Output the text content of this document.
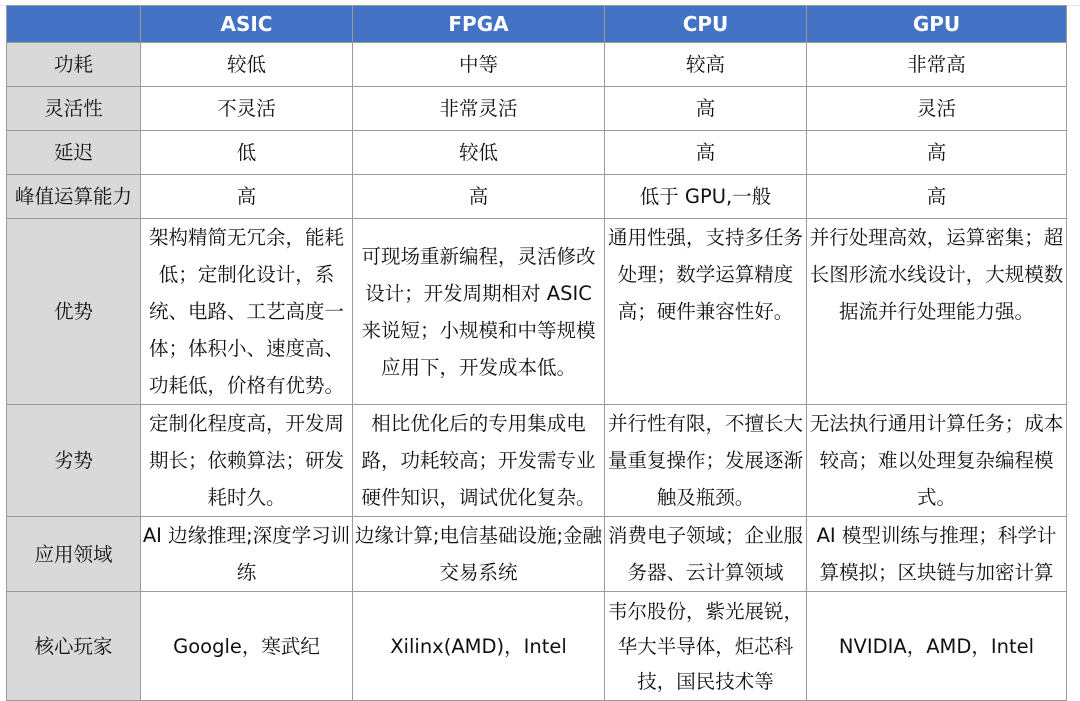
	ASIC	FPGA	CPU	GPU
功耗	较低	中等	较高	非常高
灵活性	不灵活	非常灵活	高	灵活
延迟	低	较低	高	高
峰值运算能力	高	高	低于 GPU,一般	高
优势	架构精简无冗余，能耗低；定制化设计，系统、电路、工艺高度一体；体积小、速度高、功耗低，价格有优势。	可现场重新编程，灵活修改设计；开发周期相对 ASIC 来说短；小规模和中等规模应用下，开发成本低。	通用性强，支持多任务处理；数学运算精度高；硬件兼容性好。	并行处理高效，运算密集；超长图形流水线设计，大规模数据流并行处理能力强。
劣势	定制化程度高，开发周期长；依赖算法；研发耗时久。	相比优化后的专用集成电路，功耗较高；开发需专业硬件知识，调试优化复杂。	并行性有限，不擅长大量重复操作；发展逐渐触及瓶颈。	无法执行通用计算任务；成本较高；难以处理复杂编程模式。
应用领域	AI 边缘推理;深度学习训练	边缘计算;电信基础设施;金融交易系统	消费电子领域；企业服务器、云计算领域	AI 模型训练与推理；科学计算模拟；区块链与加密计算
核心玩家	Google，寒武纪	Xilinx(AMD)，Intel	韦尔股份，紫光展锐，华大半导体，炬芯科技，国民技术等	NVIDIA，AMD，Intel
